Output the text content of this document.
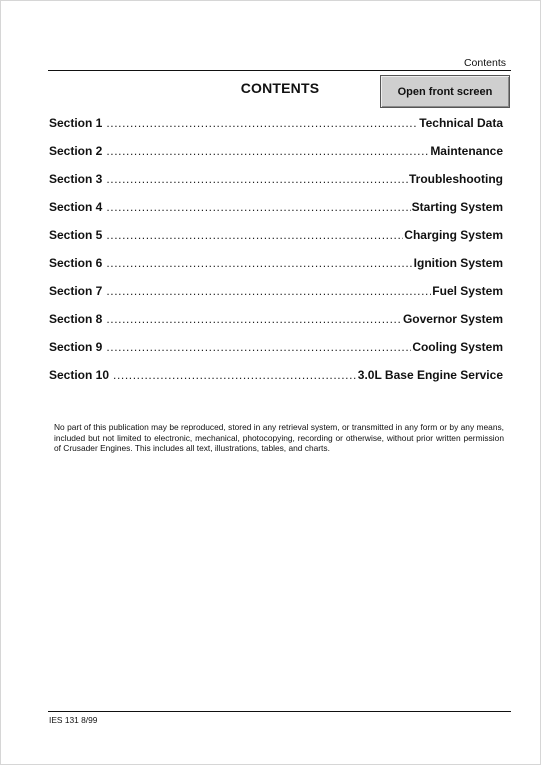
Contents
CONTENTS	Open front screen
Section 1 .....	Technical Data
Section 2 .....	Maintenance
Section 3 .....	Troubleshooting
Section 4 .....	Starting System
Section 5 .....	Charging System
Section 6 .....	Ignition System
Section 7 .....	Fuel System
Section 8 .....	Governor System
Section 9 .....	Cooling System
Section 10 .....	3.0L Base Engine Service

No part of this publication may be reproduced, stored in any retrieval system, or transmitted in any form or by any means, included but not limited to electronic, mechanical, photocopying, recording or otherwise, without prior written permission of Crusader Engines. This includes all text, illustrations, tables, and charts.

IES 131 8/99
